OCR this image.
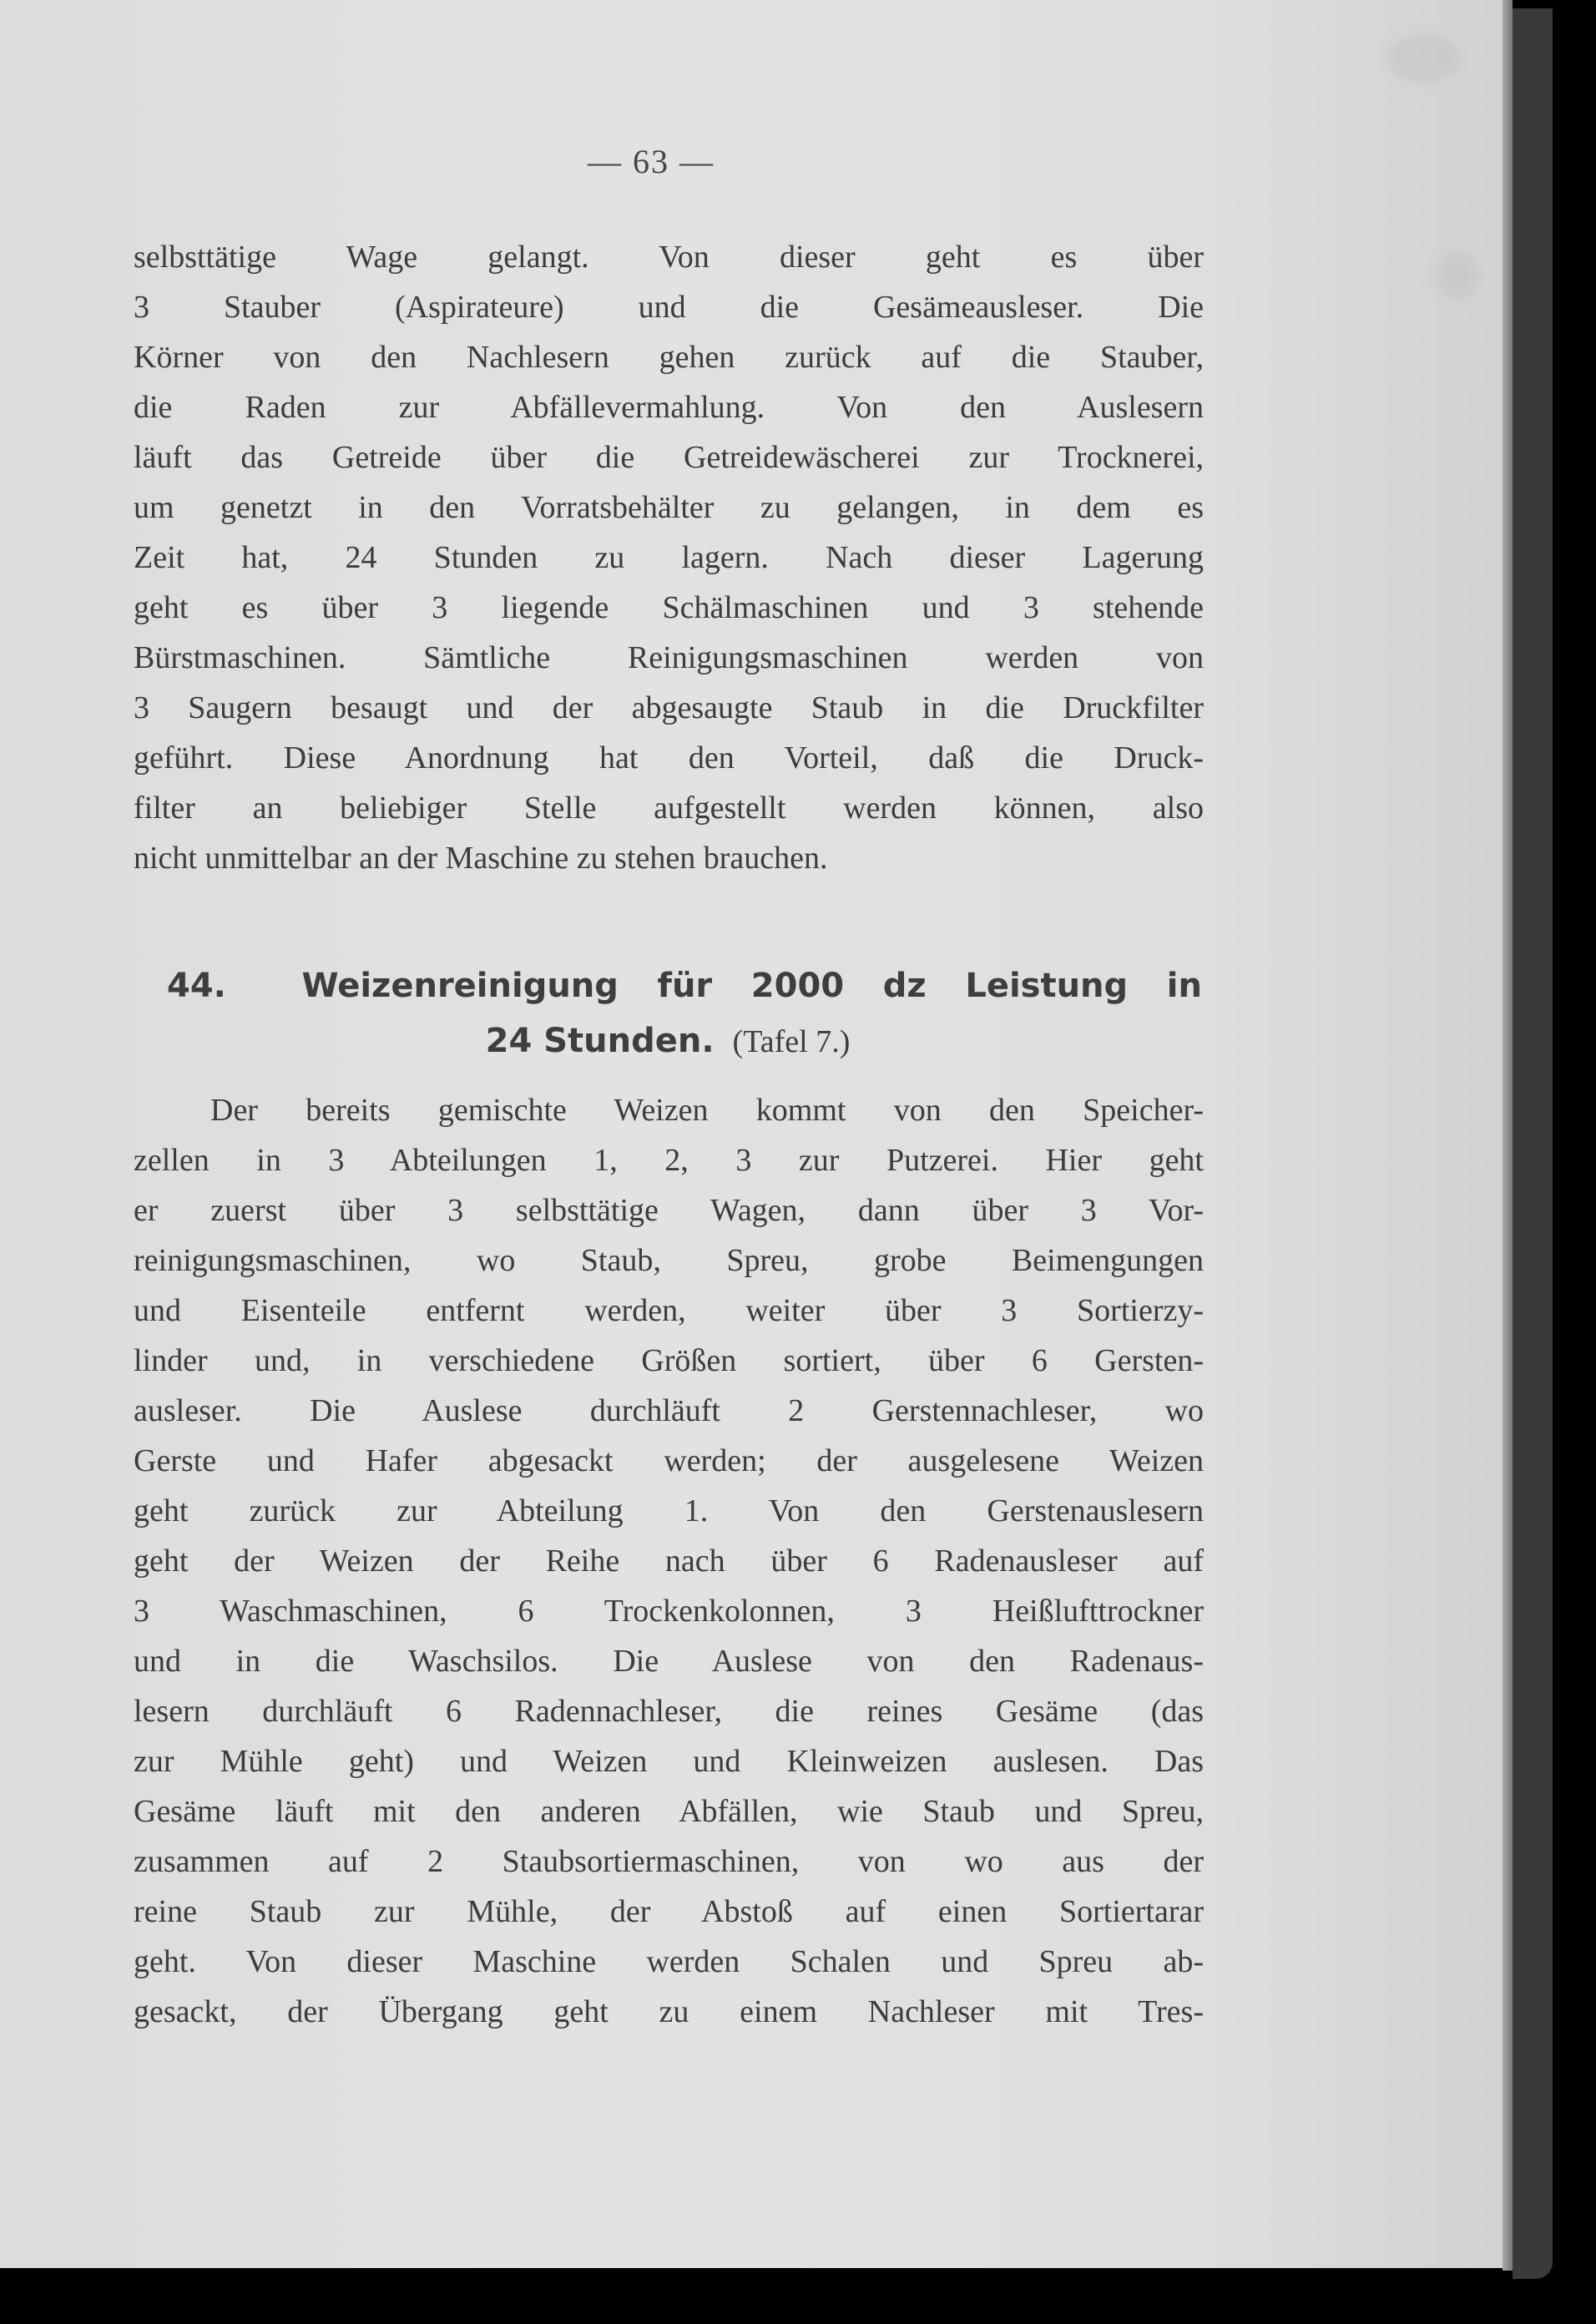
— 63 —
selbsttätige Wage gelangt. Von dieser geht es über
3 Stauber (Aspirateure) und die Gesämeausleser. Die
Körner von den Nachlesern gehen zurück auf die Stauber,
die Raden zur Abfällevermahlung. Von den Auslesern
läuft das Getreide über die Getreidewäscherei zur Trocknerei,
um genetzt in den Vorratsbehälter zu gelangen, in dem es
Zeit hat, 24 Stunden zu lagern. Nach dieser Lagerung
geht es über 3 liegende Schälmaschinen und 3 stehende
Bürstmaschinen. Sämtliche Reinigungsmaschinen werden von
3 Saugern besaugt und der abgesaugte Staub in die Druckfilter
geführt. Diese Anordnung hat den Vorteil, daß die Druck-
filter an beliebiger Stelle aufgestellt werden können, also
nicht unmittelbar an der Maschine zu stehen brauchen.
44. Weizenreinigung für 2000 dz Leistung in
24 Stunden. (Tafel 7.)
Der bereits gemischte Weizen kommt von den Speicher-
zellen in 3 Abteilungen 1, 2, 3 zur Putzerei. Hier geht
er zuerst über 3 selbsttätige Wagen, dann über 3 Vor-
reinigungsmaschinen, wo Staub, Spreu, grobe Beimengungen
und Eisenteile entfernt werden, weiter über 3 Sortierzy-
linder und, in verschiedene Größen sortiert, über 6 Gersten-
ausleser. Die Auslese durchläuft 2 Gerstennachleser, wo
Gerste und Hafer abgesackt werden; der ausgelesene Weizen
geht zurück zur Abteilung 1. Von den Gerstenauslesern
geht der Weizen der Reihe nach über 6 Radenausleser auf
3 Waschmaschinen, 6 Trockenkolonnen, 3 Heißlufttrockner
und in die Waschsilos. Die Auslese von den Radenaus-
lesern durchläuft 6 Radennachleser, die reines Gesäme (das
zur Mühle geht) und Weizen und Kleinweizen auslesen. Das
Gesäme läuft mit den anderen Abfällen, wie Staub und Spreu,
zusammen auf 2 Staubsortiermaschinen, von wo aus der
reine Staub zur Mühle, der Abstoß auf einen Sortiertarar
geht. Von dieser Maschine werden Schalen und Spreu ab-
gesackt, der Übergang geht zu einem Nachleser mit Tres-
